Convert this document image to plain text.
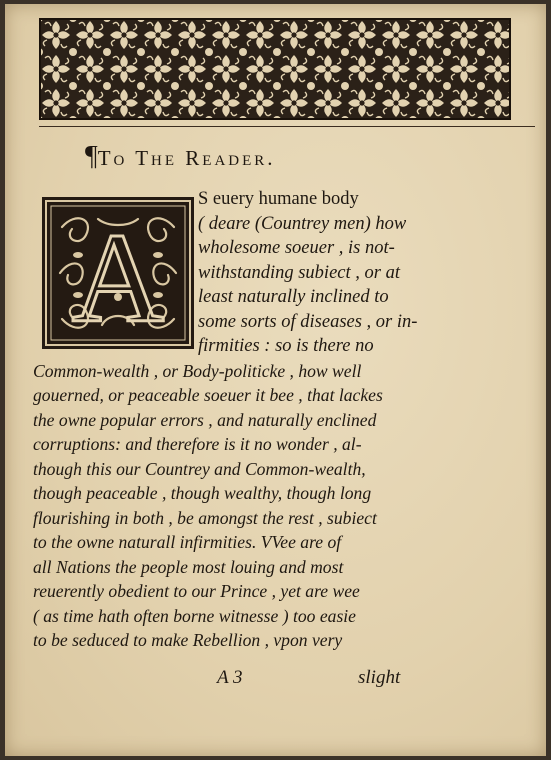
¶To The Reader.
A
S euery humane body
( deare (Countrey men) how
wholesome soeuer , is not-
withstanding subiect , or at
least naturally inclined to
some sorts of diseases , or in-
firmities : so is there no
Common-wealth , or Body-politicke , how well
gouerned, or peaceable soeuer it bee , that lackes
the owne popular errors , and naturally enclined
corruptions: and therefore is it no wonder , al-
though this our Countrey and Common-wealth,
though peaceable , though wealthy, though long
flourishing in both , be amongst the rest , subiect
to the owne naturall infirmities. VVee are of
all Nations the people most louing and most
reuerently obedient to our Prince , yet are wee
( as time hath often borne witnesse ) too easie
to be seduced to make Rebellion , vpon very
A 3	slight
